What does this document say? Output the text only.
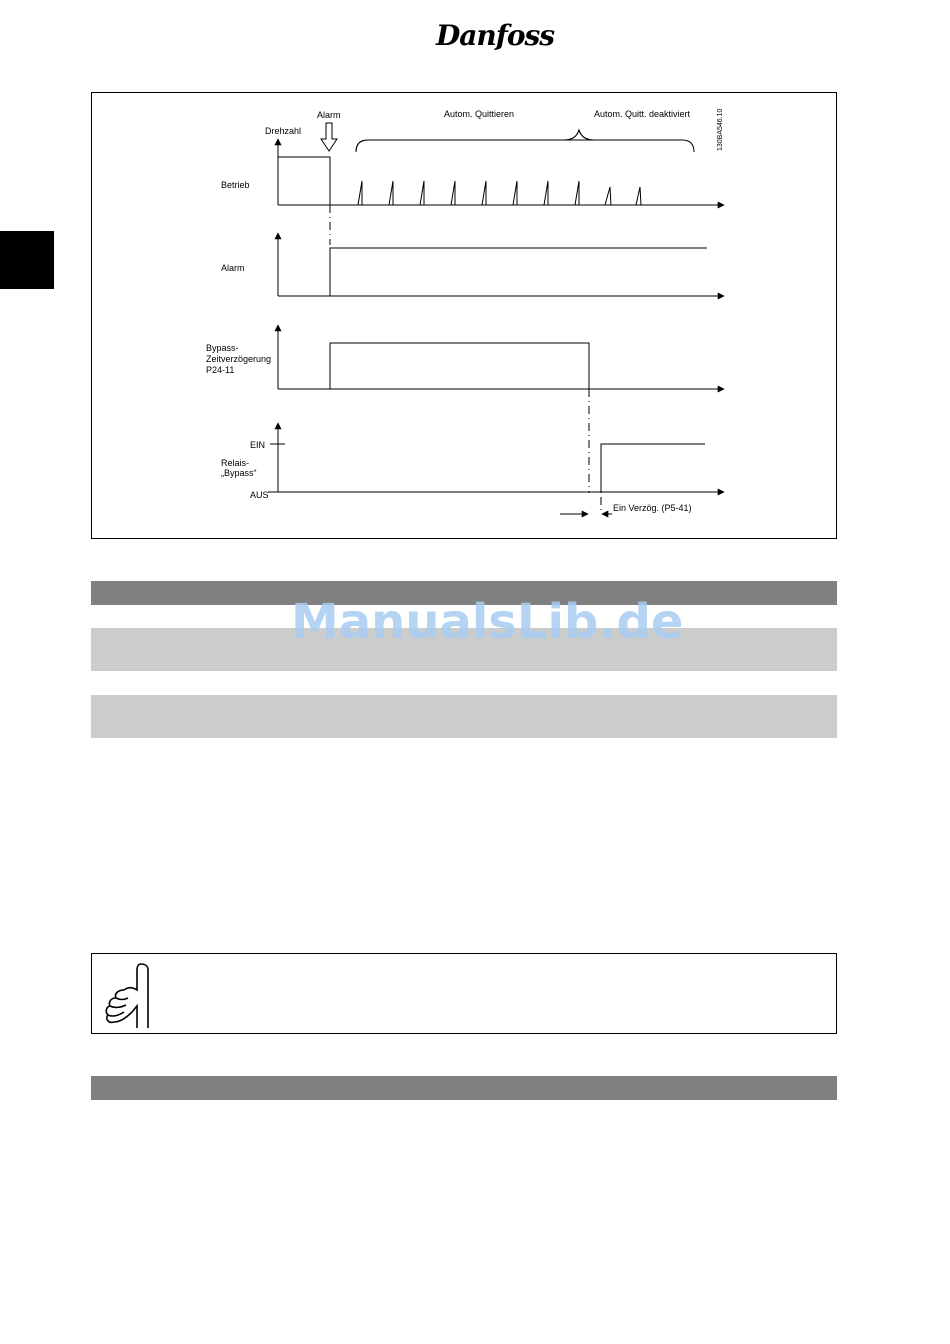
Danfoss
Alarm	Autom. Quittieren	Autom. Quitt. deaktiviert	130BA546.10
Drehzahl
Betrieb
Alarm
Bypass-
Zeitverzögerung
P24-11
EIN
Relais-
„Bypass“
AUS
Ein Verzög. (P5-41)
ManualsLib.de
